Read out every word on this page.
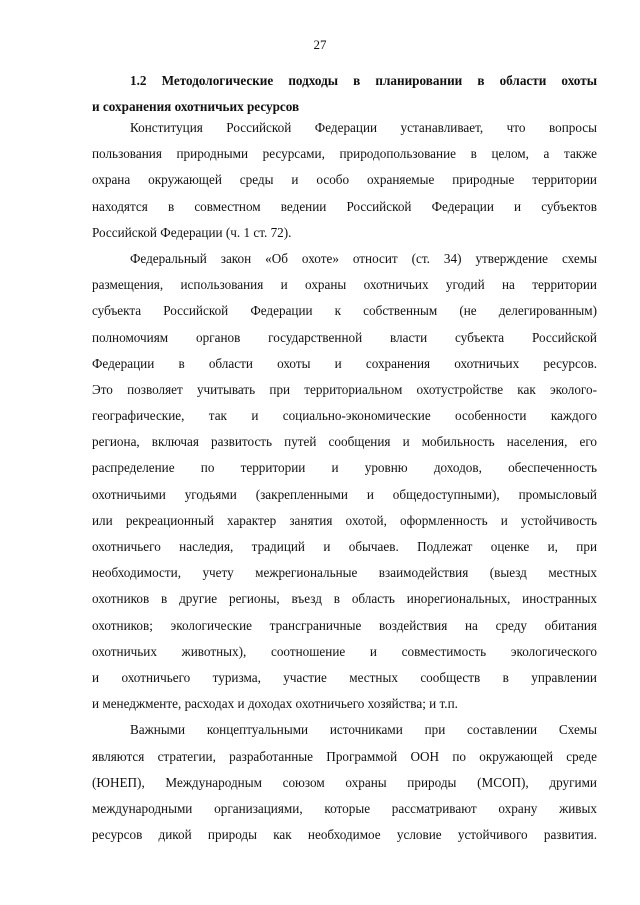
27
1.2 Методологические подходы в планировании в области охоты
и сохранения охотничьих ресурсов
Конституция Российской Федерации устанавливает, что вопросы
пользования природными ресурсами, природопользование в целом, а также
охрана окружающей среды и особо охраняемые природные территории
находятся в совместном ведении Российской Федерации и субъектов
Российской Федерации (ч. 1 ст. 72).
Федеральный закон «Об охоте» относит (ст. 34) утверждение схемы
размещения, использования и охраны охотничьих угодий на территории
субъекта Российской Федерации к собственным (не делегированным)
полномочиям органов государственной власти субъекта Российской
Федерации в области охоты и сохранения охотничьих ресурсов.
Это позволяет учитывать при территориальном охотустройстве как эколого-
географические, так и социально-экономические особенности каждого
региона, включая развитость путей сообщения и мобильность населения, его
распределение по территории и уровню доходов, обеспеченность
охотничьими угодьями (закрепленными и общедоступными), промысловый
или рекреационный характер занятия охотой, оформленность и устойчивость
охотничьего наследия, традиций и обычаев. Подлежат оценке и, при
необходимости, учету межрегиональные взаимодействия (выезд местных
охотников в другие регионы, въезд в область инорегиональных, иностранных
охотников; экологические трансграничные воздействия на среду обитания
охотничьих животных), соотношение и совместимость экологического
и охотничьего туризма, участие местных сообществ в управлении
и менеджменте, расходах и доходах охотничьего хозяйства; и т.п.
Важными концептуальными источниками при составлении Схемы
являются стратегии, разработанные Программой ООН по окружающей среде
(ЮНЕП), Международным союзом охраны природы (МСОП), другими
международными организациями, которые рассматривают охрану живых
ресурсов дикой природы как необходимое условие устойчивого развития.
